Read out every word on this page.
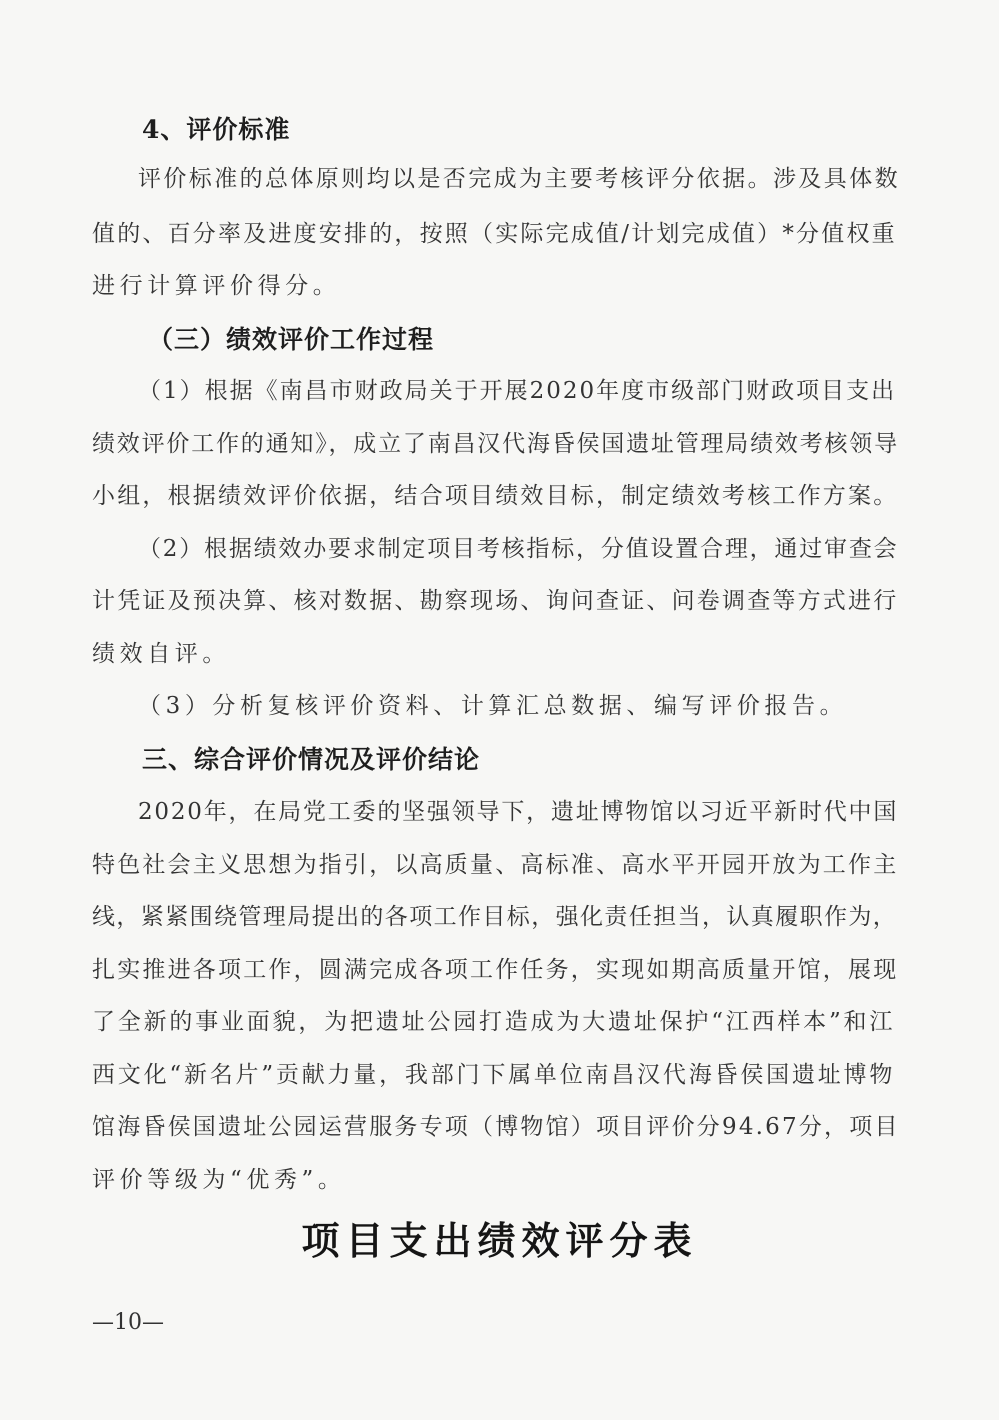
4、评价标准
评价标准的总体原则均以是否完成为主要考核评分依据。涉及具体数
值的、百分率及进度安排的，按照（实际完成值/计划完成值）*分值权重
进行计算评价得分。
（三）绩效评价工作过程
（1）根据《南昌市财政局关于开展2020年度市级部门财政项目支出
绩效评价工作的通知》，成立了南昌汉代海昏侯国遗址管理局绩效考核领导
小组，根据绩效评价依据，结合项目绩效目标，制定绩效考核工作方案。
（2）根据绩效办要求制定项目考核指标，分值设置合理，通过审查会
计凭证及预决算、核对数据、勘察现场、询问查证、问卷调查等方式进行
绩效自评。
（3）分析复核评价资料、计算汇总数据、编写评价报告。
三、综合评价情况及评价结论
2020年，在局党工委的坚强领导下，遗址博物馆以习近平新时代中国
特色社会主义思想为指引，以高质量、高标准、高水平开园开放为工作主
线，紧紧围绕管理局提出的各项工作目标，强化责任担当，认真履职作为，
扎实推进各项工作，圆满完成各项工作任务，实现如期高质量开馆，展现
了全新的事业面貌，为把遗址公园打造成为大遗址保护“江西样本”和江
西文化“新名片”贡献力量，我部门下属单位南昌汉代海昏侯国遗址博物
馆海昏侯国遗址公园运营服务专项（博物馆）项目评价分94.67分，项目
评价等级为“优秀”。
项目支出绩效评分表
—10—
